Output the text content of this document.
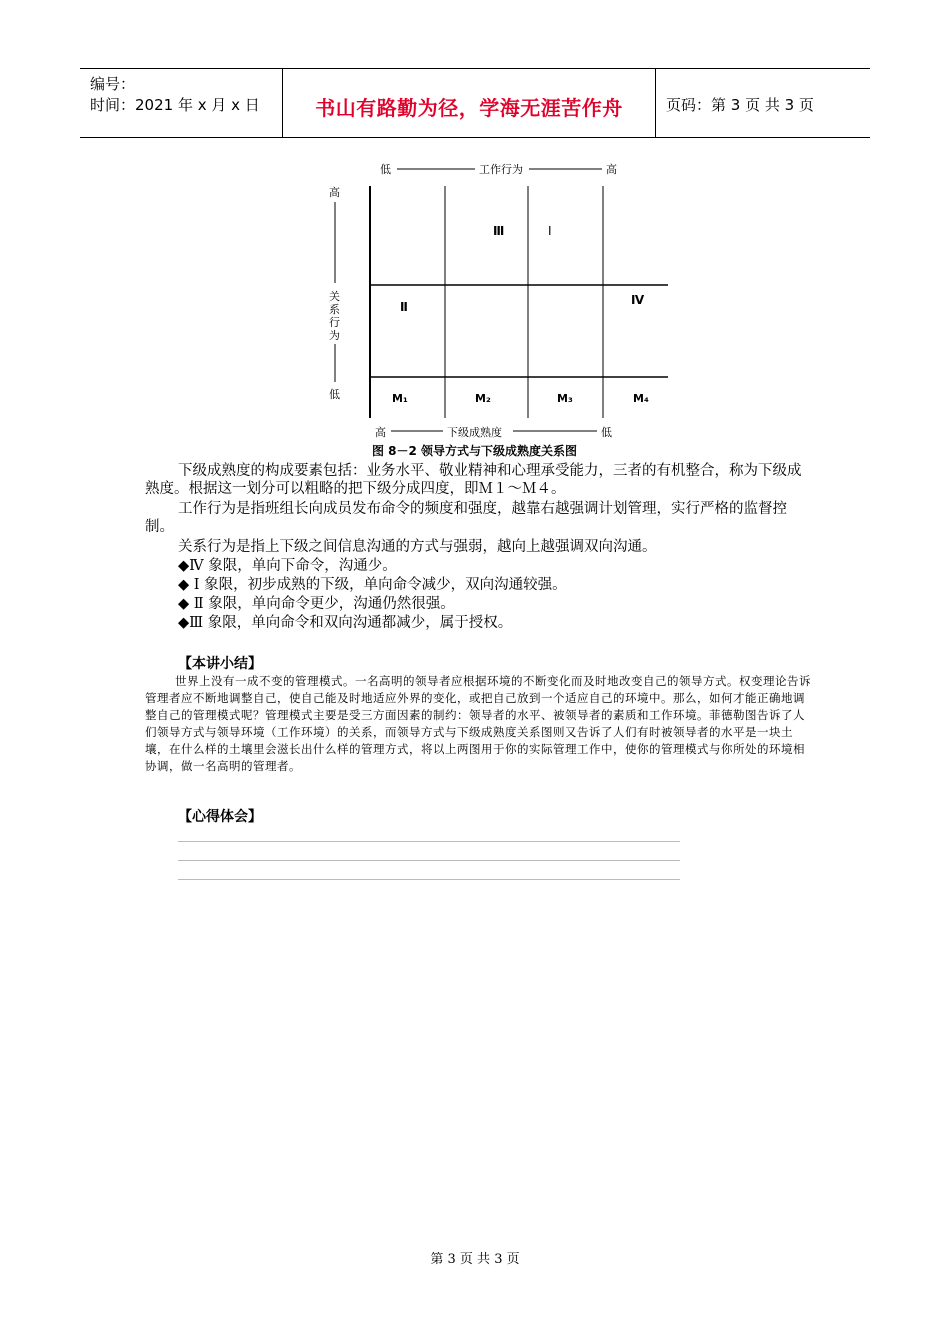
编号：
时间：2021 年 x 月 x 日	书山有路勤为径，学海无涯苦作舟	页码：第 3 页 共 3 页
低	工作行为	高
高
关
系
行
为
低
Ⅲ	Ⅰ
Ⅱ	Ⅳ
M₁	M₂	M₃	M₄
高	下级成熟度	低
图 8－2 领导方式与下级成熟度关系图
下级成熟度的构成要素包括：业务水平、敬业精神和心理承受能力，三者的有机整合，称为下级成熟度。根据这一划分可以粗略的把下级分成四度，即Ｍ１～Ｍ４。
工作行为是指班组长向成员发布命令的频度和强度，越靠右越强调计划管理，实行严格的监督控制。
关系行为是指上下级之间信息沟通的方式与强弱，越向上越强调双向沟通。
◆Ⅳ 象限，单向下命令，沟通少。
◆ Ⅰ 象限，初步成熟的下级，单向命令减少，双向沟通较强。
◆ Ⅱ 象限，单向命令更少，沟通仍然很强。
◆Ⅲ 象限，单向命令和双向沟通都减少，属于授权。
【本讲小结】
世界上没有一成不变的管理模式。一名高明的领导者应根据环境的不断变化而及时地改变自己的领导方式。权变理论告诉管理者应不断地调整自己，使自己能及时地适应外界的变化，或把自己放到一个适应自己的环境中。那么，如何才能正确地调整自己的管理模式呢？管理模式主要是受三方面因素的制约：领导者的水平、被领导者的素质和工作环境。菲德勒图告诉了人们领导方式与领导环境（工作环境）的关系，而领导方式与下级成熟度关系图则又告诉了人们有时被领导者的水平是一块土壤，在什么样的土壤里会滋长出什么样的管理方式，将以上两图用于你的实际管理工作中，使你的管理模式与你所处的环境相协调，做一名高明的管理者。
【心得体会】
第 3 页 共 3 页
